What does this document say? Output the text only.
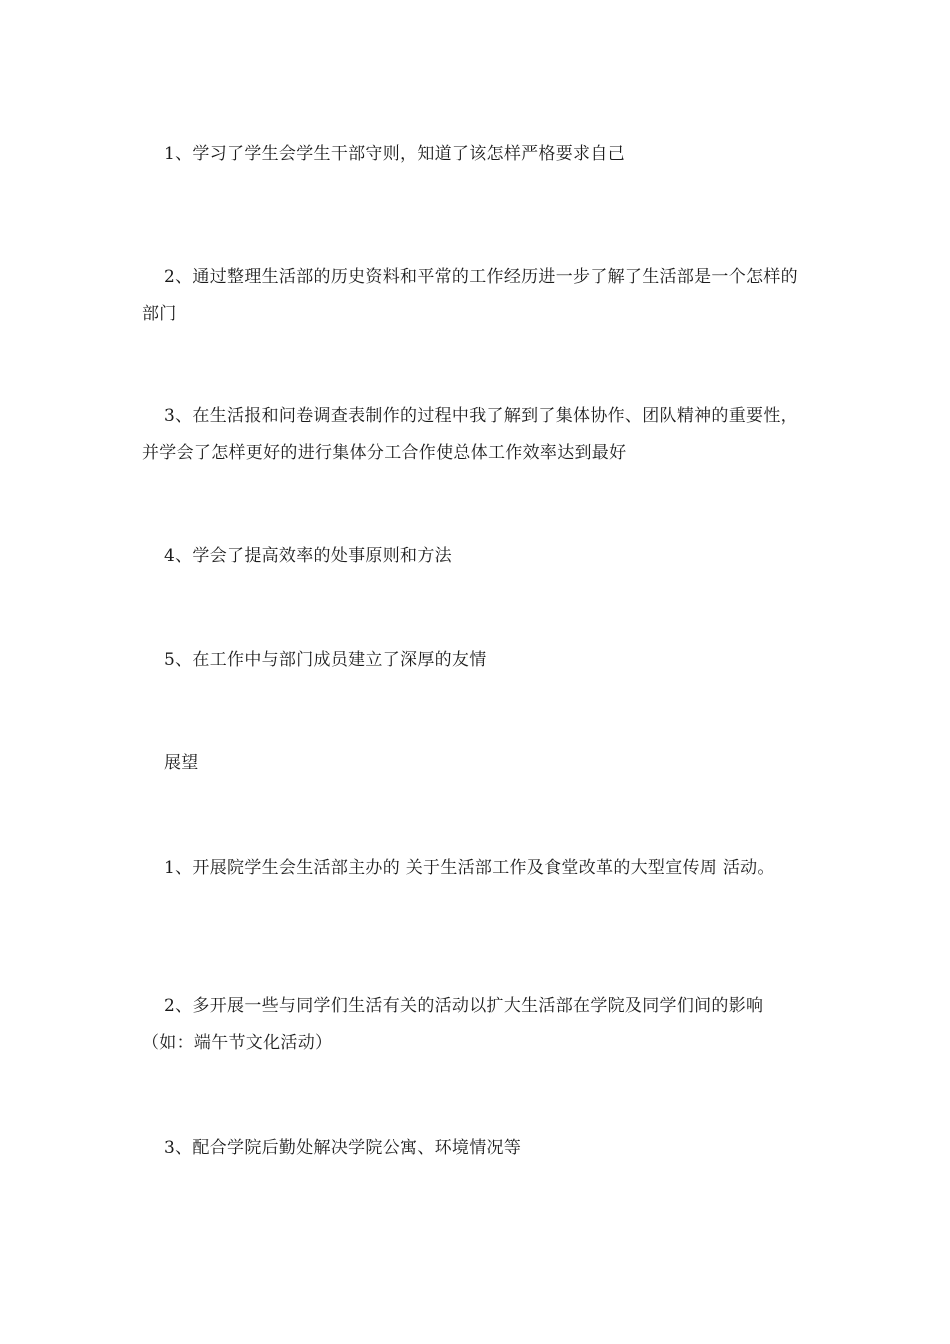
1、学习了学生会学生干部守则，知道了该怎样严格要求自己

2、通过整理生活部的历史资料和平常的工作经历进一步了解了生活部是一个怎样的部门

3、在生活报和问卷调查表制作的过程中我了解到了集体协作、团队精神的重要性，并学会了怎样更好的进行集体分工合作使总体工作效率达到最好

4、学会了提高效率的处事原则和方法

5、在工作中与部门成员建立了深厚的友情

展望

1、开展院学生会生活部主办的 关于生活部工作及食堂改革的大型宣传周 活动。

2、多开展一些与同学们生活有关的活动以扩大生活部在学院及同学们间的影响（如：端午节文化活动）

3、配合学院后勤处解决学院公寓、环境情况等
